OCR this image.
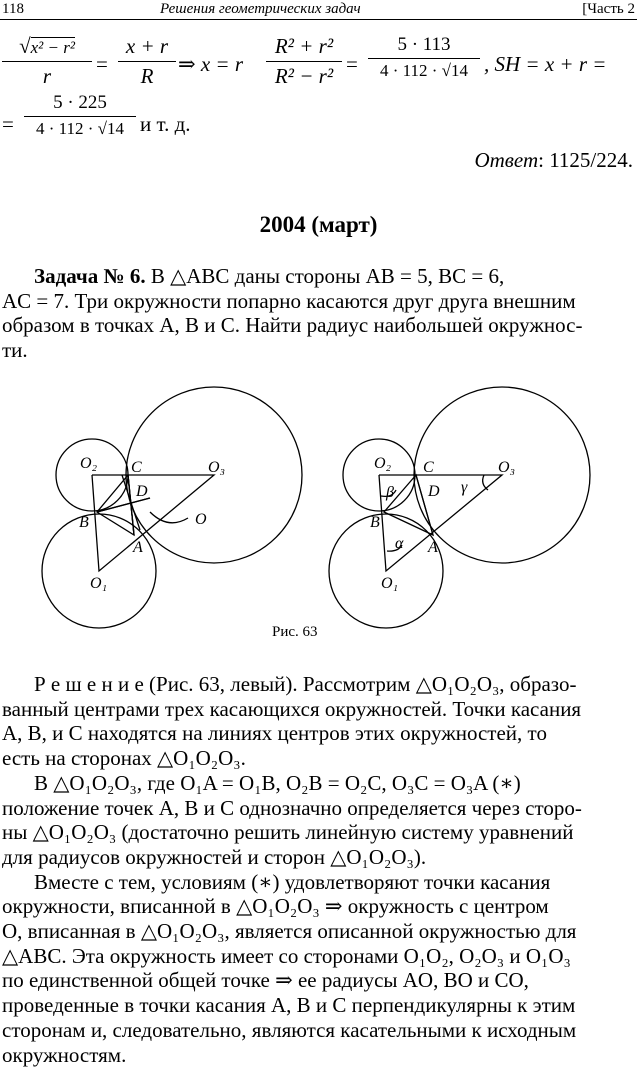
118	Решения геометрических задач	[Часть 2
√x² − r²
r	=
x + r
R	⇒ x = r
R² + r²
R² − r² =
5 · 113
4 · 112 · √14 , SH = x + r =
=
5 · 225
4 · 112 · √14 и т. д.
Ответ: 1125/224.
2004 (март)
Задача № 6. В △ABC даны стороны AB = 5, BC = 6,
AC = 7. Три окружности попарно касаются друг друга внешним
образом в точках A, B и C. Найти радиус наибольшей окружнос-
ти.
O₂ C	O₃
D
B	O
A
O₁
O₂ C	O₃
β D γ
B
α A
O₁
Рис. 63
Р е ш е н и е (Рис. 63, левый). Рассмотрим △O₁O₂O₃, образо-
ванный центрами трех касающихся окружностей. Точки касания
A, B, и C находятся на линиях центров этих окружностей, то
есть на сторонах △O₁O₂O₃.
В △O₁O₂O₃, где O₁A = O₁B, O₂B = O₂C, O₃C = O₃A (∗)
положение точек A, B и C однозначно определяется через сторо-
ны △O₁O₂O₃ (достаточно решить линейную систему уравнений
для радиусов окружностей и сторон △O₁O₂O₃).
Вместе с тем, условиям (∗) удовлетворяют точки касания
окружности, вписанной в △O₁O₂O₃ ⇒ окружность с центром
O, вписанная в △O₁O₂O₃, является описанной окружностью для
△ABC. Эта окружность имеет со сторонами O₁O₂, O₂O₃ и O₁O₃
по единственной общей точке ⇒ ее радиусы AO, BO и CO,
проведенные в точки касания A, B и C перпендикулярны к этим
сторонам и, следовательно, являются касательными к исходным
окружностям.
